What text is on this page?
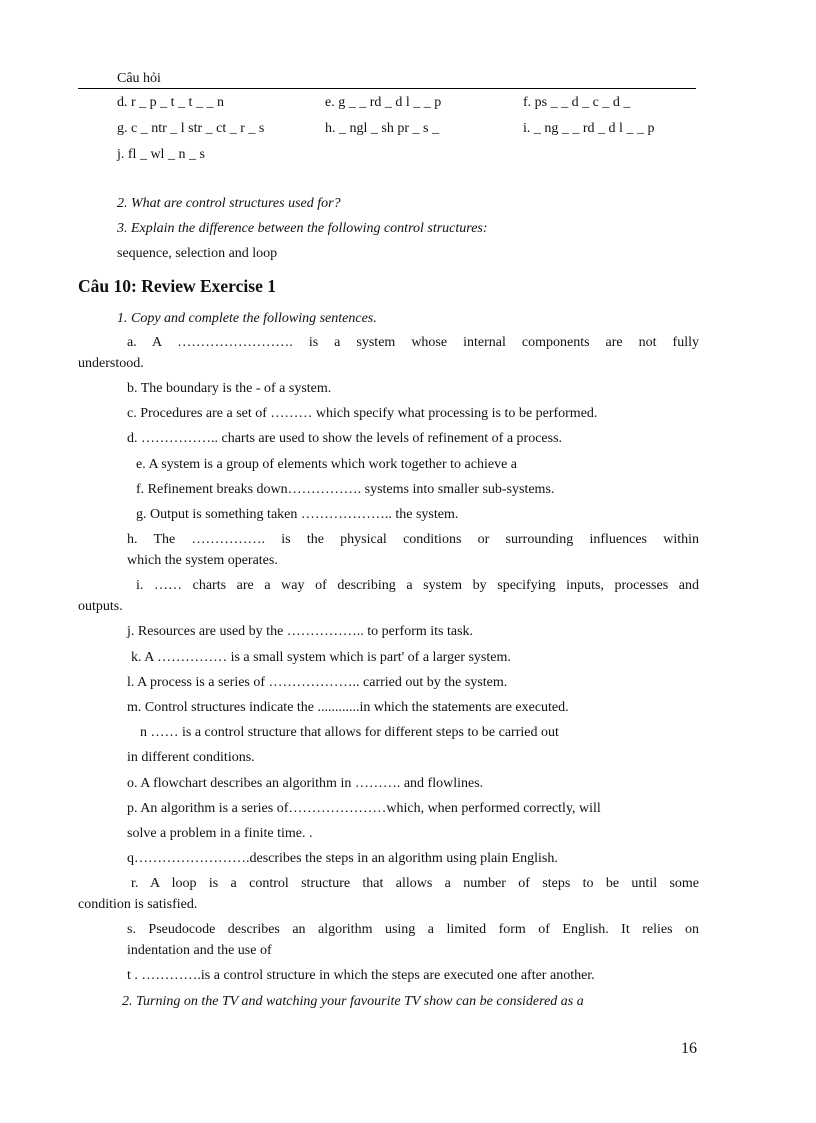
Câu hỏi
d. r _ p _ t _ t _ _ n	e. g _ _ rd _ d l _ _ p	f. ps _ _ d _ c _ d _
g. c _ ntr _ l str _ ct _ r _ s	h. _ ngl _ sh pr _ s _	i. _ ng _ _ rd _ d l _ _ p
j. fl _ wl _ n _ s
2. What are control structures used for?
3. Explain the difference between the following control structures:
sequence, selection and loop
Câu 10: Review Exercise 1
1. Copy and complete the following sentences.
a. A ……………………. is a system whose internal components are not fully
understood.
b. The boundary is the - of a system.
c. Procedures are a set of ……… which specify what processing is to be performed.
d. …………….. charts are used to show the levels of refinement of a process.
e. A system is a group of elements which work together to achieve a
f. Refinement breaks down……………. systems into smaller sub-systems.
g. Output is something taken ……………….. the system.
h. The ……………. is the physical conditions or surrounding influences within
which the system operates.
i. …… charts are a way of describing a system by specifying inputs, processes and
outputs.
j. Resources are used by the …………….. to perform its task.
k. A …………… is a small system which is part' of a larger system.
l. A process is a series of ……………….. carried out by the system.
m. Control structures indicate the ............in which the statements are executed.
n …… is a control structure that allows for different steps to be carried out
in different conditions.
o. A flowchart describes an algorithm in ………. and flowlines.
p. An algorithm is a series of…………………which, when performed correctly, will
solve a problem in a finite time. .
q…………………….describes the steps in an algorithm using plain English.
r. A loop is a control structure that allows a number of steps to be until some
condition is satisfied.
s. Pseudocode describes an algorithm using a limited form of English. It relies on
indentation and the use of
t . ………….is a control structure in which the steps are executed one after another.
2. Turning on the TV and watching your favourite TV show can be considered as a
16
